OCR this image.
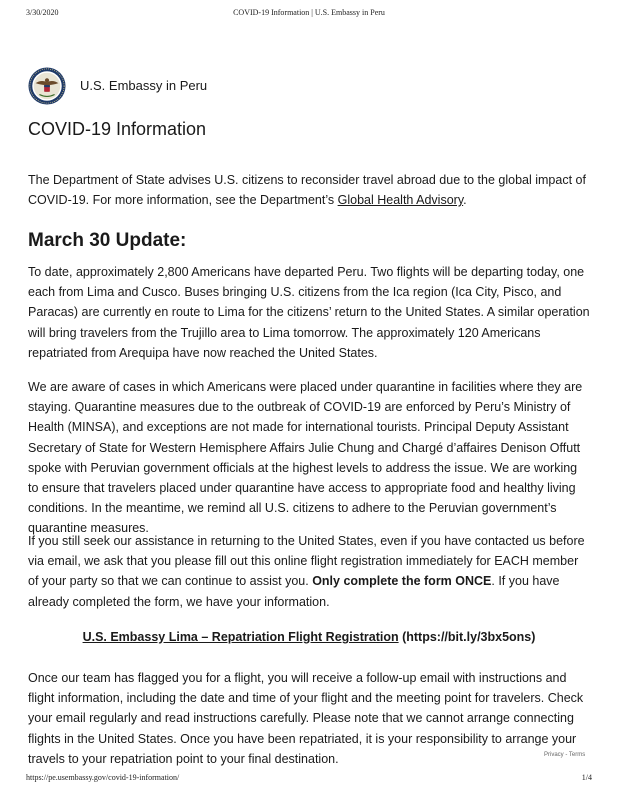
3/30/2020	COVID-19 Information | U.S. Embassy in Peru
U.S. Embassy in Peru
COVID-19 Information

The Department of State advises U.S. citizens to reconsider travel abroad due to the global impact of COVID-19. For more information, see the Department’s Global Health Advisory.

March 30 Update:

To date, approximately 2,800 Americans have departed Peru. Two flights will be departing today, one each from Lima and Cusco. Buses bringing U.S. citizens from the Ica region (Ica City, Pisco, and Paracas) are currently en route to Lima for the citizens’ return to the United States. A similar operation will bring travelers from the Trujillo area to Lima tomorrow. The approximately 120 Americans repatriated from Arequipa have now reached the United States.

We are aware of cases in which Americans were placed under quarantine in facilities where they are staying. Quarantine measures due to the outbreak of COVID-19 are enforced by Peru’s Ministry of Health (MINSA), and exceptions are not made for international tourists. Principal Deputy Assistant Secretary of State for Western Hemisphere Affairs Julie Chung and Chargé d’affaires Denison Offutt spoke with Peruvian government officials at the highest levels to address the issue. We are working to ensure that travelers placed under quarantine have access to appropriate food and healthy living conditions. In the meantime, we remind all U.S. citizens to adhere to the Peruvian government’s quarantine measures.

If you still seek our assistance in returning to the United States, even if you have contacted us before via email, we ask that you please fill out this online flight registration immediately for EACH member of your party so that we can continue to assist you. Only complete the form ONCE. If you have already completed the form, we have your information.

U.S. Embassy Lima – Repatriation Flight Registration (https://bit.ly/3bx5ons)

Once our team has flagged you for a flight, you will receive a follow-up email with instructions and flight information, including the date and time of your flight and the meeting point for travelers. Check your email regularly and read instructions carefully. Please note that we cannot arrange connecting flights in the United States. Once you have been repatriated, it is your responsibility to arrange your travels to your repatriation point to your final destination.	Privacy - Terms
https://pe.usembassy.gov/covid-19-information/	1/4
